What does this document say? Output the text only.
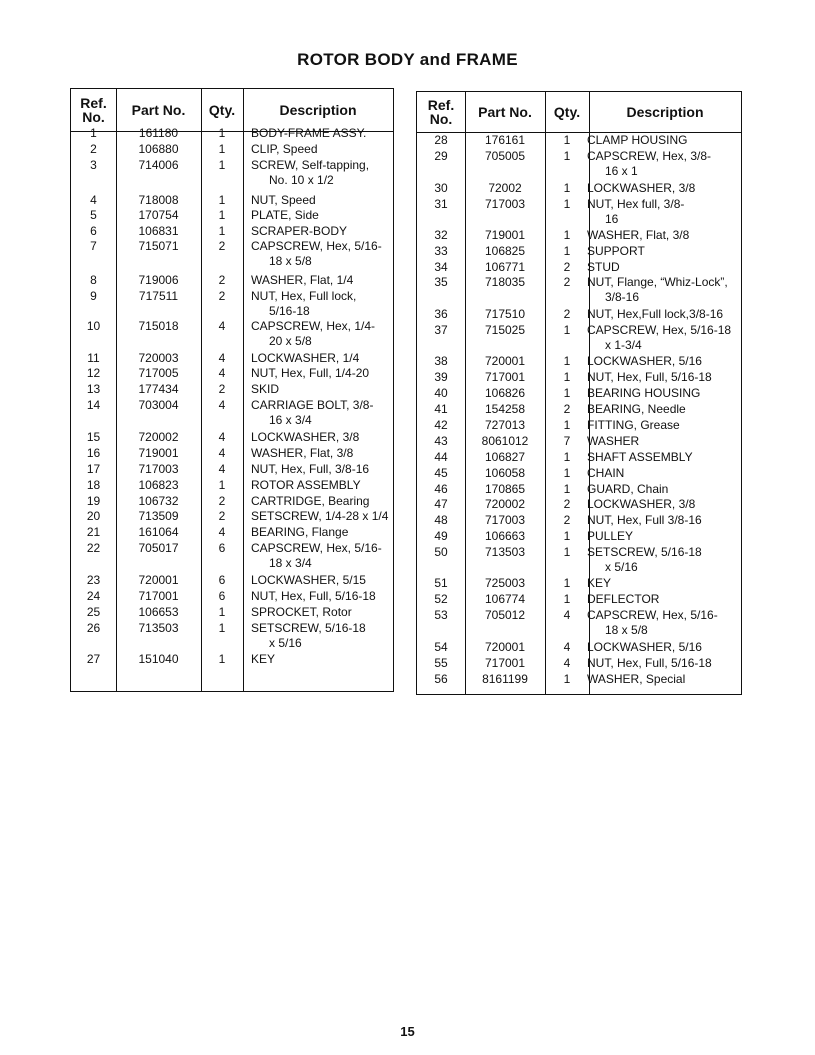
ROTOR BODY and FRAME
Ref.
No.	Part No.	Qty.	Description
1	161180	1	BODY-FRAME ASSY.
2	106880	1	CLIP, Speed
3	714006	1	SCREW, Self-tapping,
No. 10 x 1/2
4	718008	1	NUT, Speed
5	170754	1	PLATE, Side
6	106831	1	SCRAPER-BODY
7	715071	2	CAPSCREW, Hex, 5/16-
18 x 5/8
8	719006	2	WASHER, Flat, 1/4
9	717511	2	NUT, Hex, Full lock,
5/16-18
10	715018	4	CAPSCREW, Hex, 1/4-
20 x 5/8
11	720003	4	LOCKWASHER, 1/4
12	717005	4	NUT, Hex, Full, 1/4-20
13	177434	2	SKID
14	703004	4	CARRIAGE BOLT, 3/8-
16 x 3/4
15	720002	4	LOCKWASHER, 3/8
16	719001	4	WASHER, Flat, 3/8
17	717003	4	NUT, Hex, Full, 3/8-16
18	106823	1	ROTOR ASSEMBLY
19	106732	2	CARTRIDGE, Bearing
20	713509	2	SETSCREW, 1/4-28 x 1/4
21	161064	4	BEARING, Flange
22	705017	6	CAPSCREW, Hex, 5/16-
18 x 3/4
23	720001	6	LOCKWASHER, 5/15
24	717001	6	NUT, Hex, Full, 5/16-18
25	106653	1	SPROCKET, Rotor
26	713503	1	SETSCREW, 5/16-18
x 5/16
27	151040	1	KEY
Ref.
No.	Part No.	Qty.	Description
28	176161	1	CLAMP HOUSING
29	705005	1	CAPSCREW, Hex, 3/8-
16 x 1
30	72002	1	LOCKWASHER, 3/8
31	717003	1	NUT, Hex full, 3/8-
16
32	719001	1	WASHER, Flat, 3/8
33	106825	1	SUPPORT
34	106771	2	STUD
35	718035	2	NUT, Flange, “Whiz-Lock”,
3/8-16
36	717510	2	NUT, Hex,Full lock,3/8-16
37	715025	1	CAPSCREW, Hex, 5/16-18
x 1-3/4
38	720001	1	LOCKWASHER, 5/16
39	717001	1	NUT, Hex, Full, 5/16-18
40	106826	1	BEARING HOUSING
41	154258	2	BEARING, Needle
42	727013	1	FITTING, Grease
43	8061012	7	WASHER
44	106827	1	SHAFT ASSEMBLY
45	106058	1	CHAIN
46	170865	1	GUARD, Chain
47	720002	2	LOCKWASHER, 3/8
48	717003	2	NUT, Hex, Full 3/8-16
49	106663	1	PULLEY
50	713503	1	SETSCREW, 5/16-18
x 5/16
51	725003	1	KEY
52	106774	1	DEFLECTOR
53	705012	4	CAPSCREW, Hex, 5/16-
18 x 5/8
54	720001	4	LOCKWASHER, 5/16
55	717001	4	NUT, Hex, Full, 5/16-18
56	8161199	1	WASHER, Special
15
